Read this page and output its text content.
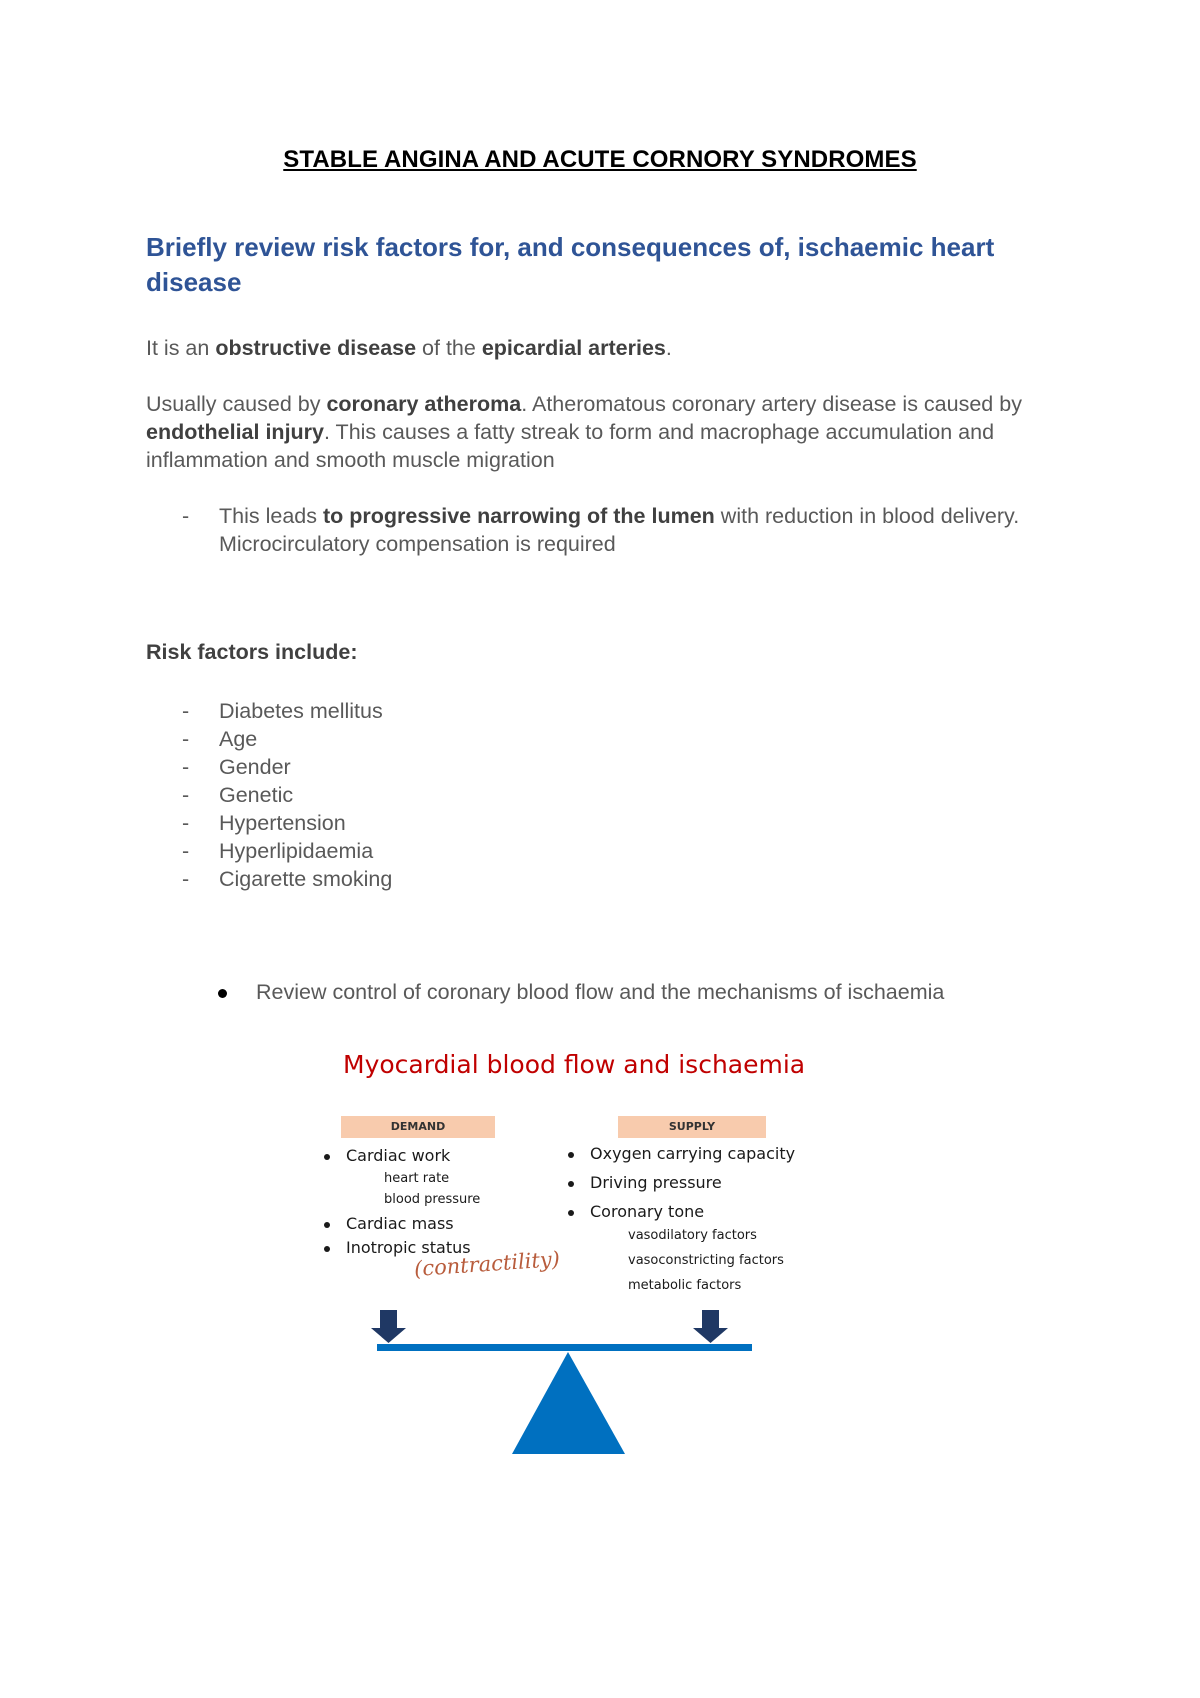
STABLE ANGINA AND ACUTE CORNORY SYNDROMES
Briefly review risk factors for, and consequences of, ischaemic heart disease
It is an obstructive disease of the epicardial arteries.
Usually caused by coronary atheroma. Atheromatous coronary artery disease is caused by endothelial injury. This causes a fatty streak to form and macrophage accumulation and inflammation and smooth muscle migration
- This leads to progressive narrowing of the lumen with reduction in blood delivery. Microcirculatory compensation is required
Risk factors include:
- Diabetes mellitus
- Age
- Gender
- Genetic
- Hypertension
- Hyperlipidaemia
- Cigarette smoking
Review control of coronary blood flow and the mechanisms of ischaemia
Myocardial blood flow and ischaemia
DEMAND	SUPPLY
Cardiac work
heart rate
blood pressure
Cardiac mass
Inotropic status
(contractility)
Oxygen carrying capacity
Driving pressure
Coronary tone
vasodilatory factors
vasoconstricting factors
metabolic factors
